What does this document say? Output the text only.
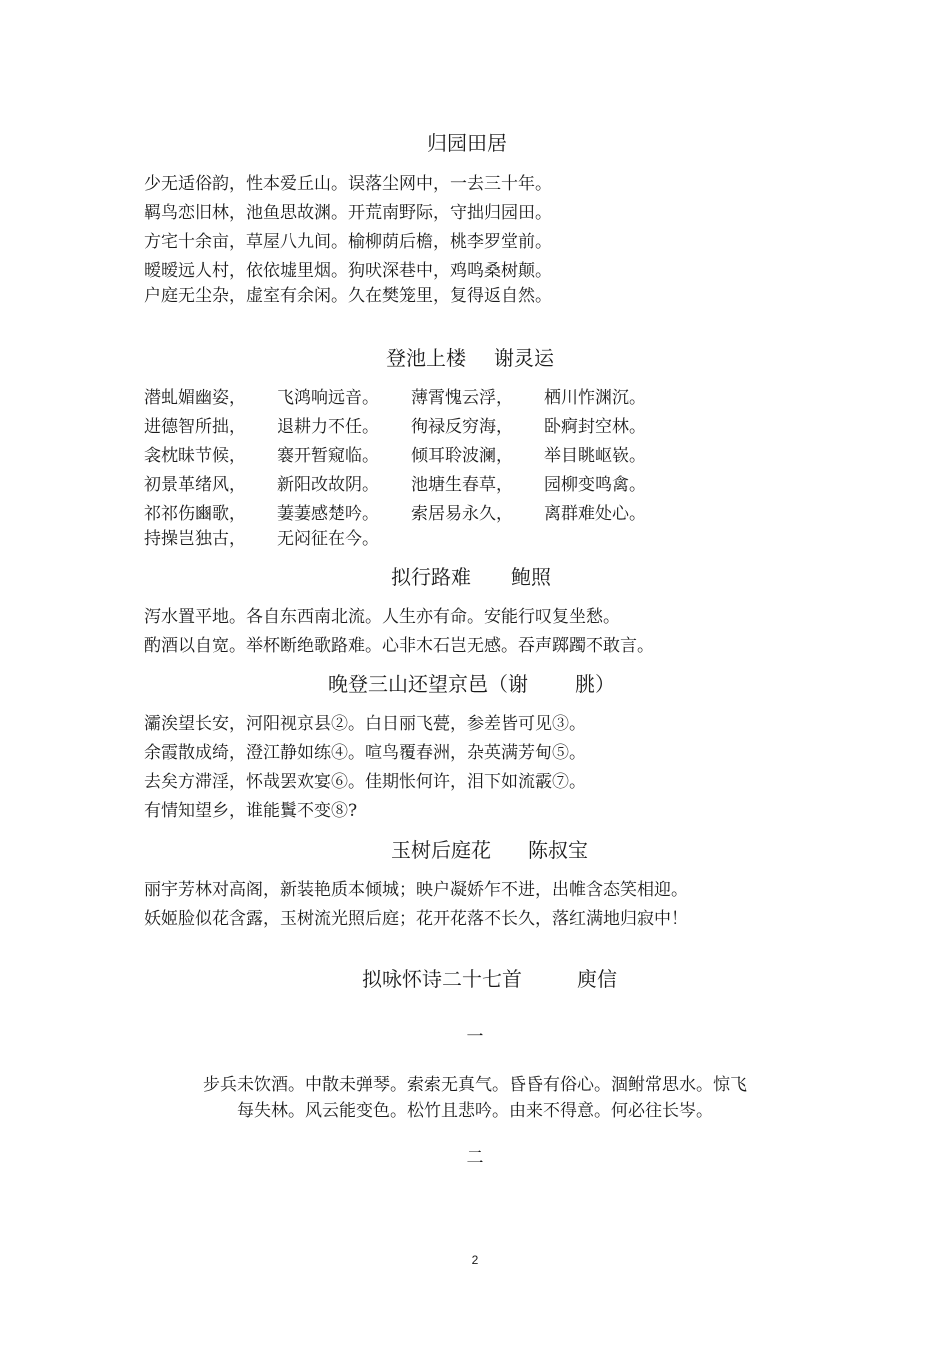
归园田居
少无适俗韵，性本爱丘山。误落尘网中，一去三十年。
羁鸟恋旧林，池鱼思故渊。开荒南野际，守拙归园田。
方宅十余亩，草屋八九间。榆柳荫后檐，桃李罗堂前。
暧暧远人村，依依墟里烟。狗吠深巷中，鸡鸣桑树颠。
户庭无尘杂，虚室有余闲。久在樊笼里，复得返自然。
登池上楼 谢灵运
潜虬媚幽姿， 飞鸿响远音。 薄霄愧云浮， 栖川怍渊沉。
进德智所拙， 退耕力不任。 徇禄反穷海， 卧痾封空林。
衾枕昧节候， 褰开暂窥临。 倾耳聆波澜， 举目眺岖嵚。
初景革绪风， 新阳改故阴。 池塘生春草， 园柳变鸣禽。
祁祁伤豳歌， 萋萋感楚吟。 索居易永久， 离群难处心。
持操岂独古， 无闷征在今。
拟行路难 鲍照
泻水置平地。各自东西南北流。人生亦有命。安能行叹复坐愁。
酌酒以自宽。举杯断绝歌路难。心非木石岂无感。吞声踯躅不敢言。
晚登三山还望京邑（谢 朓）
灞涘望长安，河阳视京县②。白日丽飞甍，参差皆可见③。
余霞散成绮，澄江静如练④。喧鸟覆春洲，杂英满芳甸⑤。
去矣方滞淫，怀哉罢欢宴⑥。佳期怅何许，泪下如流霰⑦。
有情知望乡，谁能鬒不变⑧?
玉树后庭花 陈叔宝
丽宇芳林对高阁，新装艳质本倾城；映户凝娇乍不进，出帷含态笑相迎。
妖姬脸似花含露，玉树流光照后庭；花开花落不长久，落红满地归寂中！
拟咏怀诗二十七首	庾信
一
步兵未饮酒。中散未弹琴。索索无真气。昏昏有俗心。涸鲋常思水。惊飞
每失林。风云能变色。松竹且悲吟。由来不得意。何必往长岑。
二
2
